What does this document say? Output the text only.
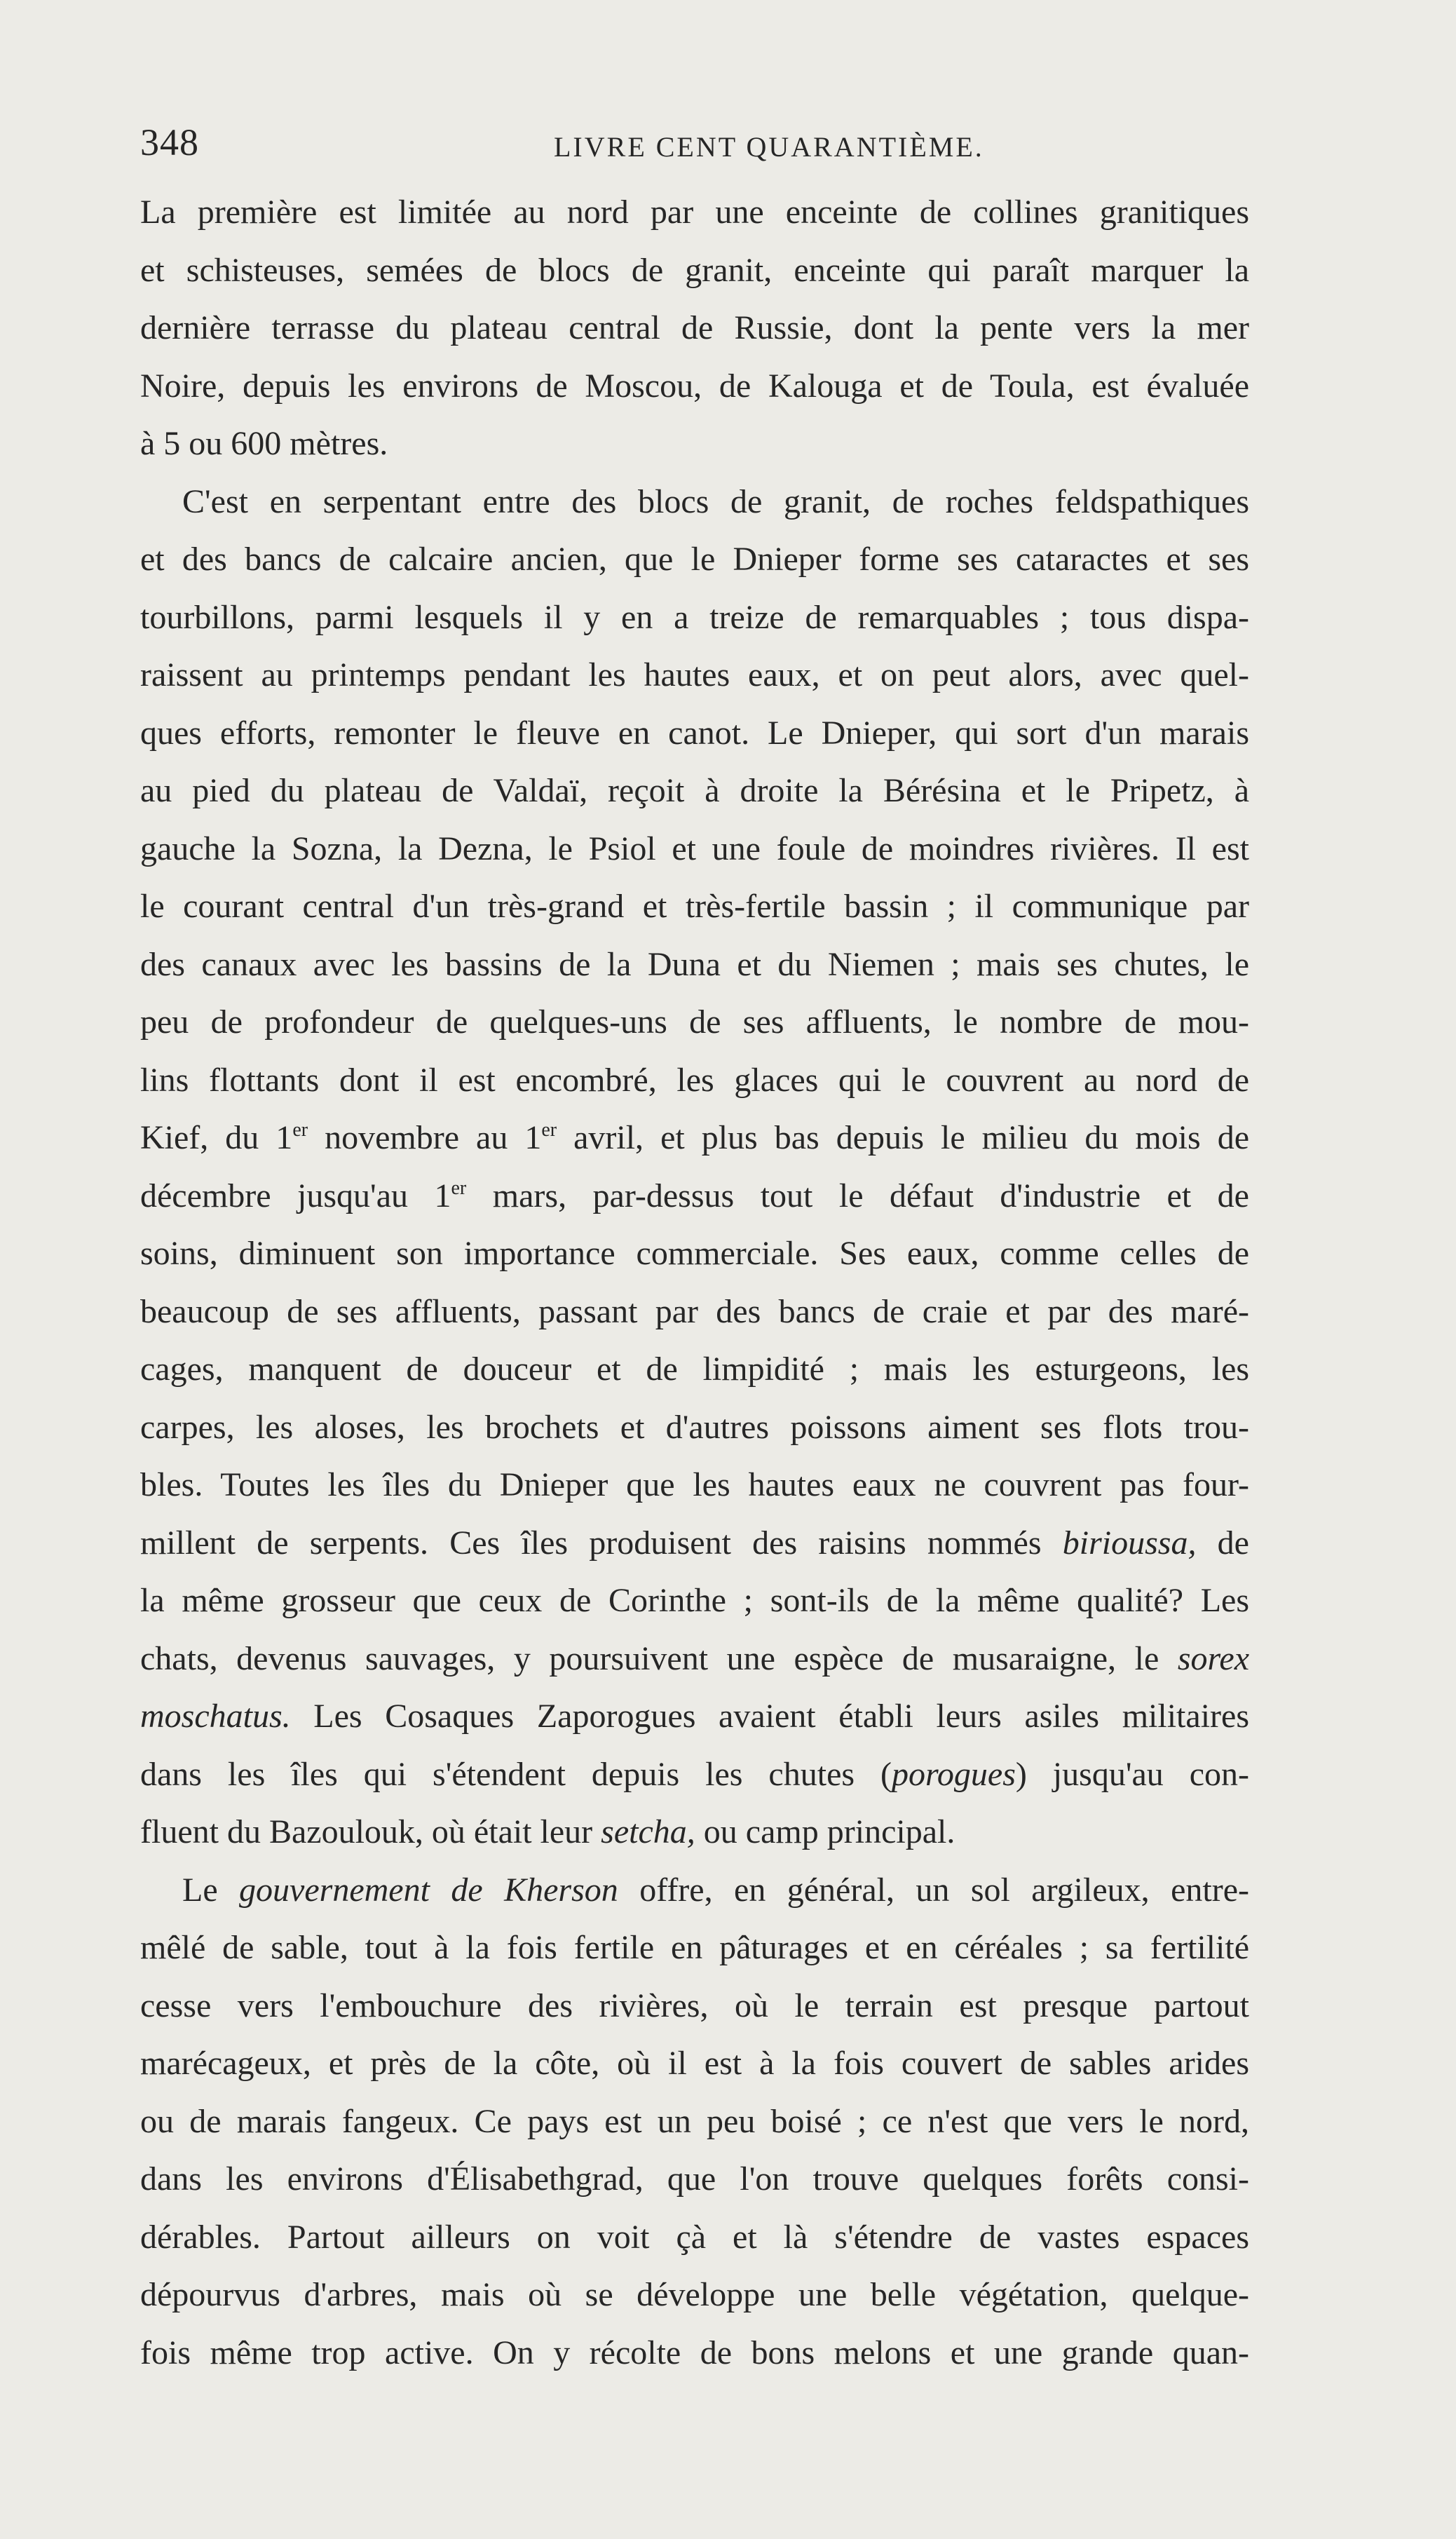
348	LIVRE CENT QUARANTIÈME.
La première est limitée au nord par une enceinte de collines granitiques
et schisteuses, semées de blocs de granit, enceinte qui paraît marquer la
dernière terrasse du plateau central de Russie, dont la pente vers la mer
Noire, depuis les environs de Moscou, de Kalouga et de Toula, est évaluée
à 5 ou 600 mètres.
C'est en serpentant entre des blocs de granit, de roches feldspathiques
et des bancs de calcaire ancien, que le Dnieper forme ses cataractes et ses
tourbillons, parmi lesquels il y en a treize de remarquables ; tous dispa-
raissent au printemps pendant les hautes eaux, et on peut alors, avec quel-
ques efforts, remonter le fleuve en canot. Le Dnieper, qui sort d'un marais
au pied du plateau de Valdaï, reçoit à droite la Bérésina et le Pripetz, à
gauche la Sozna, la Dezna, le Psiol et une foule de moindres rivières. Il est
le courant central d'un très-grand et très-fertile bassin ; il communique par
des canaux avec les bassins de la Duna et du Niemen ; mais ses chutes, le
peu de profondeur de quelques-uns de ses affluents, le nombre de mou-
lins flottants dont il est encombré, les glaces qui le couvrent au nord de
Kief, du 1er novembre au 1er avril, et plus bas depuis le milieu du mois de
décembre jusqu'au 1er mars, par-dessus tout le défaut d'industrie et de
soins, diminuent son importance commerciale. Ses eaux, comme celles de
beaucoup de ses affluents, passant par des bancs de craie et par des maré-
cages, manquent de douceur et de limpidité ; mais les esturgeons, les
carpes, les aloses, les brochets et d'autres poissons aiment ses flots trou-
bles. Toutes les îles du Dnieper que les hautes eaux ne couvrent pas four-
millent de serpents. Ces îles produisent des raisins nommés birioussa, de
la même grosseur que ceux de Corinthe ; sont-ils de la même qualité? Les
chats, devenus sauvages, y poursuivent une espèce de musaraigne, le sorex
moschatus. Les Cosaques Zaporogues avaient établi leurs asiles militaires
dans les îles qui s'étendent depuis les chutes (porogues) jusqu'au con-
fluent du Bazoulouk, où était leur setcha, ou camp principal.
Le gouvernement de Kherson offre, en général, un sol argileux, entre-
mêlé de sable, tout à la fois fertile en pâturages et en céréales ; sa fertilité
cesse vers l'embouchure des rivières, où le terrain est presque partout
marécageux, et près de la côte, où il est à la fois couvert de sables arides
ou de marais fangeux. Ce pays est un peu boisé ; ce n'est que vers le nord,
dans les environs d'Élisabethgrad, que l'on trouve quelques forêts consi-
dérables. Partout ailleurs on voit çà et là s'étendre de vastes espaces
dépourvus d'arbres, mais où se développe une belle végétation, quelque-
fois même trop active. On y récolte de bons melons et une grande quan-
